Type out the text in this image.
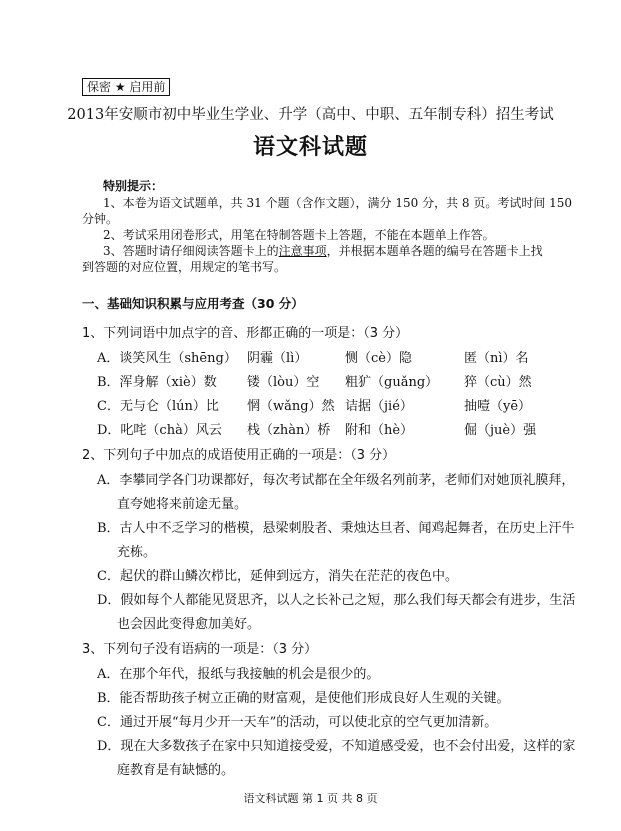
保密 ★ 启用前
2013年安顺市初中毕业生学业、升学（高中、中职、五年制专科）招生考试
语文科试题
特别提示：
1、本卷为语文试题单，共 31 个题（含作文题），满分 150 分，共 8 页。考试时间 150
分钟。
2、考试采用闭卷形式，用笔在特制答题卡上答题，不能在本题单上作答。
3、答题时请仔细阅读答题卡上的注意事项，并根据本题单各题的编号在答题卡上找
到答题的对应位置，用规定的笔书写。
一、基础知识积累与应用考查（30 分）
1、下列词语中加点字的音、形都正确的一项是：（3 分）
A．谈笑风生（shēng） 阴霾（lì）	恻（cè）隐	匿（nì）名
B．浑身解（xiè）数 镂（lòu）空 粗犷（guǎng） 猝（cù）然
C．无与仑（lún）比 惘（wǎng）然 诘据（jié）	抽噎（yē）
D．叱咤（chà）风云 栈（zhàn）桥 附和（hè）	倔（juè）强
2、下列句子中加点的成语使用正确的一项是：（3 分）
A．李攀同学各门功课都好，每次考试都在全年级名列前茅，老师们对她顶礼膜拜，
直夸她将来前途无量。
B．古人中不乏学习的楷模，悬梁刺股者、秉烛达旦者、闻鸡起舞者，在历史上汗牛
充栋。
C．起伏的群山鳞次栉比，延伸到远方，消失在茫茫的夜色中。
D．假如每个人都能见贤思齐，以人之长补己之短，那么我们每天都会有进步，生活
也会因此变得愈加美好。
3、下列句子没有语病的一项是：（3 分）
A．在那个年代，报纸与我接触的机会是很少的。
B．能否帮助孩子树立正确的财富观，是使他们形成良好人生观的关键。
C．通过开展“每月少开一天车”的活动，可以使北京的空气更加清新。
D．现在大多数孩子在家中只知道接受爱，不知道感受爱，也不会付出爱，这样的家
庭教育是有缺憾的。
语文科试题 第 1 页 共 8 页
